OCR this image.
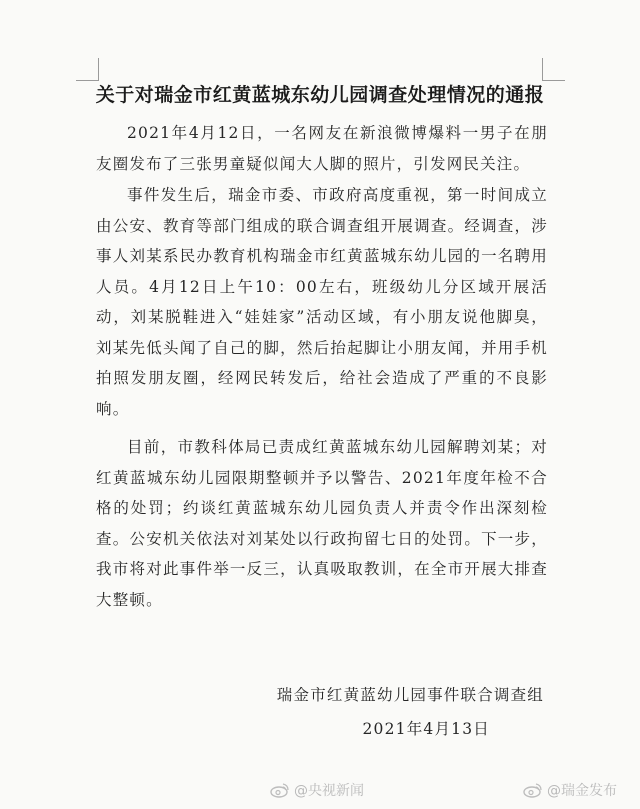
关于对瑞金市红黄蓝城东幼儿园调查处理情况的通报

2021年4月12日，一名网友在新浪微博爆料一男子在朋友圈发布了三张男童疑似闻大人脚的照片，引发网民关注。

事件发生后，瑞金市委、市政府高度重视，第一时间成立由公安、教育等部门组成的联合调查组开展调查。经调查，涉事人刘某系民办教育机构瑞金市红黄蓝城东幼儿园的一名聘用人员。4月12日上午10：00左右，班级幼儿分区域开展活动，刘某脱鞋进入“娃娃家”活动区域，有小朋友说他脚臭，刘某先低头闻了自己的脚，然后抬起脚让小朋友闻，并用手机拍照发朋友圈，经网民转发后，给社会造成了严重的不良影响。

目前，市教科体局已责成红黄蓝城东幼儿园解聘刘某；对红黄蓝城东幼儿园限期整顿并予以警告、2021年度年检不合格的处罚；约谈红黄蓝城东幼儿园负责人并责令作出深刻检查。公安机关依法对刘某处以行政拘留七日的处罚。下一步，我市将对此事件举一反三，认真吸取教训，在全市开展大排查大整顿。

瑞金市红黄蓝幼儿园事件联合调查组
2021年4月13日
@央视新闻	@瑞金发布
